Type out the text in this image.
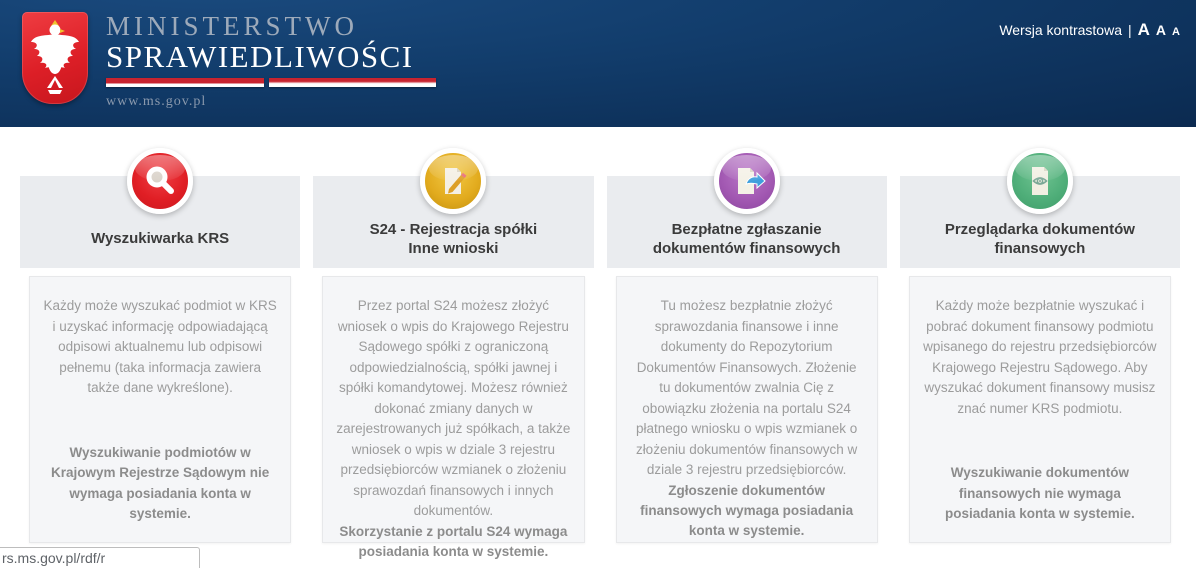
MINISTERSTWO
SPRAWIEDLIWOŚCI
www.ms.gov.pl
Wersja kontrastowa | A A A
Wyszukiwarka KRS
Każdy może wyszukać podmiot w KRS i uzyskać informację odpowiadającą odpisowi aktualnemu lub odpisowi pełnemu (taka informacja zawiera także dane wykreślone).
Wyszukiwanie podmiotów w Krajowym Rejestrze Sądowym nie wymaga posiadania konta w systemie.
S24 - Rejestracja spółki
Inne wnioski
Przez portal S24 możesz złożyć wniosek o wpis do Krajowego Rejestru Sądowego spółki z ograniczoną odpowiedzialnością, spółki jawnej i spółki komandytowej. Możesz również dokonać zmiany danych w zarejestrowanych już spółkach, a także wniosek o wpis w dziale 3 rejestru przedsiębiorców wzmianek o złożeniu sprawozdań finansowych i innych dokumentów.
Skorzystanie z portalu S24 wymaga posiadania konta w systemie.
Bezpłatne zgłaszanie
dokumentów finansowych
Tu możesz bezpłatnie złożyć sprawozdania finansowe i inne dokumenty do Repozytorium Dokumentów Finansowych. Złożenie tu dokumentów zwalnia Cię z obowiązku złożenia na portalu S24 płatnego wniosku o wpis wzmianek o złożeniu dokumentów finansowych w dziale 3 rejestru przedsiębiorców.
Zgłoszenie dokumentów finansowych wymaga posiadania konta w systemie.
Przeglądarka dokumentów
finansowych
Każdy może bezpłatnie wyszukać i pobrać dokument finansowy podmiotu wpisanego do rejestru przedsiębiorców Krajowego Rejestru Sądowego. Aby wyszukać dokument finansowy musisz znać numer KRS podmiotu.
Wyszukiwanie dokumentów finansowych nie wymaga posiadania konta w systemie.
rs.ms.gov.pl/rdf/r
